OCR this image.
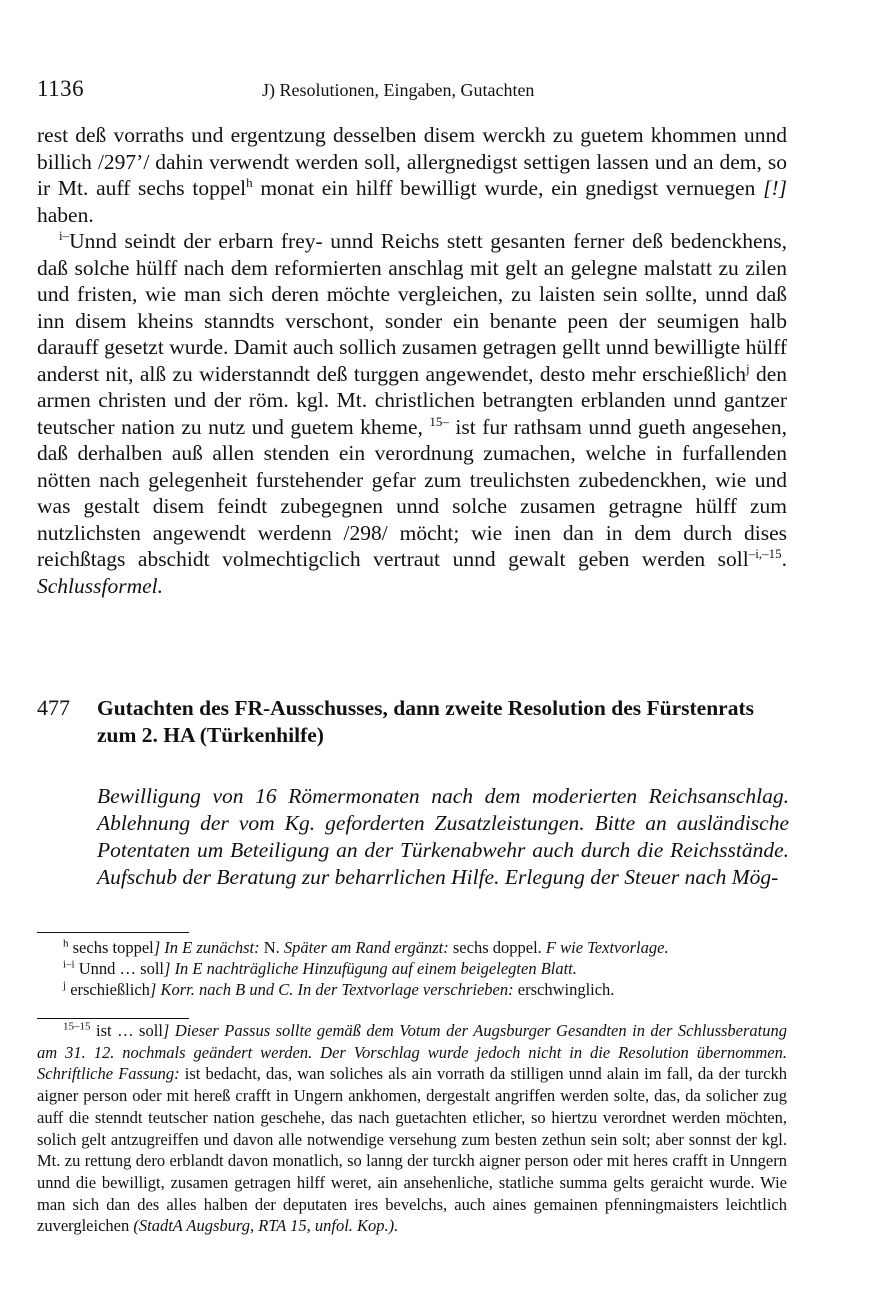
1136	J) Resolutionen, Eingaben, Gutachten

rest deß vorraths und ergentzung desselben disem werckh zu guetem khommen unnd billich /297’/ dahin verwendt werden soll, allergnedigst settigen lassen und an dem, so ir Mt. auff sechs toppel$^h$ monat ein hilff bewilligt wurde, ein gnedigst vernuegen [!] haben.

$^{i-}$Unnd seindt der erbarn frey- unnd Reichs stett gesanten ferner deß bedenckhens, daß solche hülff nach dem reformierten anschlag mit gelt an gelegne malstatt zu zilen und fristen, wie man sich deren möchte vergleichen, zu laisten sein sollte, unnd daß inn disem kheins stanndts verschont, sonder ein benante peen der seumigen halb darauff gesetzt wurde. Damit auch sollich zusamen getragen gellt unnd bewilligte hülff anderst nit, alß zu widerstanndt deß turggen angewendet, desto mehr erschießlich$^j$ den armen christen und der röm. kgl. Mt. christlichen betrangten erblanden unnd gantzer teutscher nation zu nutz und guetem kheme, $^{15-}$ ist fur rathsam unnd gueth angesehen, daß derhalben auß allen stenden ein verordnung zumachen, welche in furfallenden nötten nach gelegenheit furstehender gefar zum treulichsten zubedenckhen, wie und was gestalt disem feindt zubegegnen unnd solche zusamen getragne hülff zum nutzlichsten angewendt werdenn /298/ möcht; wie inen dan in dem durch dises reichßtags abschidt volmechtigclich vertraut unnd gewalt geben werden soll$^{-i,-15}$. Schlussformel.

477 Gutachten des FR-Ausschusses, dann zweite Resolution des Fürstenrats zum 2. HA (Türkenhilfe)

Bewilligung von 16 Römermonaten nach dem moderierten Reichsanschlag. Ablehnung der vom Kg. geforderten Zusatzleistungen. Bitte an ausländische Potentaten um Beteiligung an der Türkenabwehr auch durch die Reichsstände. Aufschub der Beratung zur beharrlichen Hilfe. Erlegung der Steuer nach Mög-

$^h$ sechs toppel] In E zunächst: N. Später am Rand ergänzt: sechs doppel. F wie Textvorlage.

$^{i-i}$ Unnd … soll] In E nachträgliche Hinzufügung auf einem beigelegten Blatt.

$^j$ erschießlich] Korr. nach B und C. In der Textvorlage verschrieben: erschwinglich.

$^{15-15}$ ist … soll] Dieser Passus sollte gemäß dem Votum der Augsburger Gesandten in der Schlussberatung am 31. 12. nochmals geändert werden. Der Vorschlag wurde jedoch nicht in die Resolution übernommen. Schriftliche Fassung: ist bedacht, das, wan soliches als ain vorrath da stilligen unnd alain im fall, da der turckh aigner person oder mit hereß crafft in Ungern ankhomen, dergestalt angriffen werden solte, das, da solicher zug auff die stenndt teutscher nation geschehe, das nach guetachten etlicher, so hiertzu verordnet werden möchten, solich gelt antzugreiffen und davon alle notwendige versehung zum besten zethun sein solt; aber sonnst der kgl. Mt. zu rettung dero erblandt davon monatlich, so lanng der turckh aigner person oder mit heres crafft in Unngern unnd die bewilligt, zusamen getragen hilff weret, ain ansehenliche, statliche summa gelts geraicht wurde. Wie man sich dan des alles halben der deputaten ires bevelchs, auch aines gemainen pfenningmaisters leichtlich zuvergleichen (StadtA Augsburg, RTA 15, unfol. Kop.).
